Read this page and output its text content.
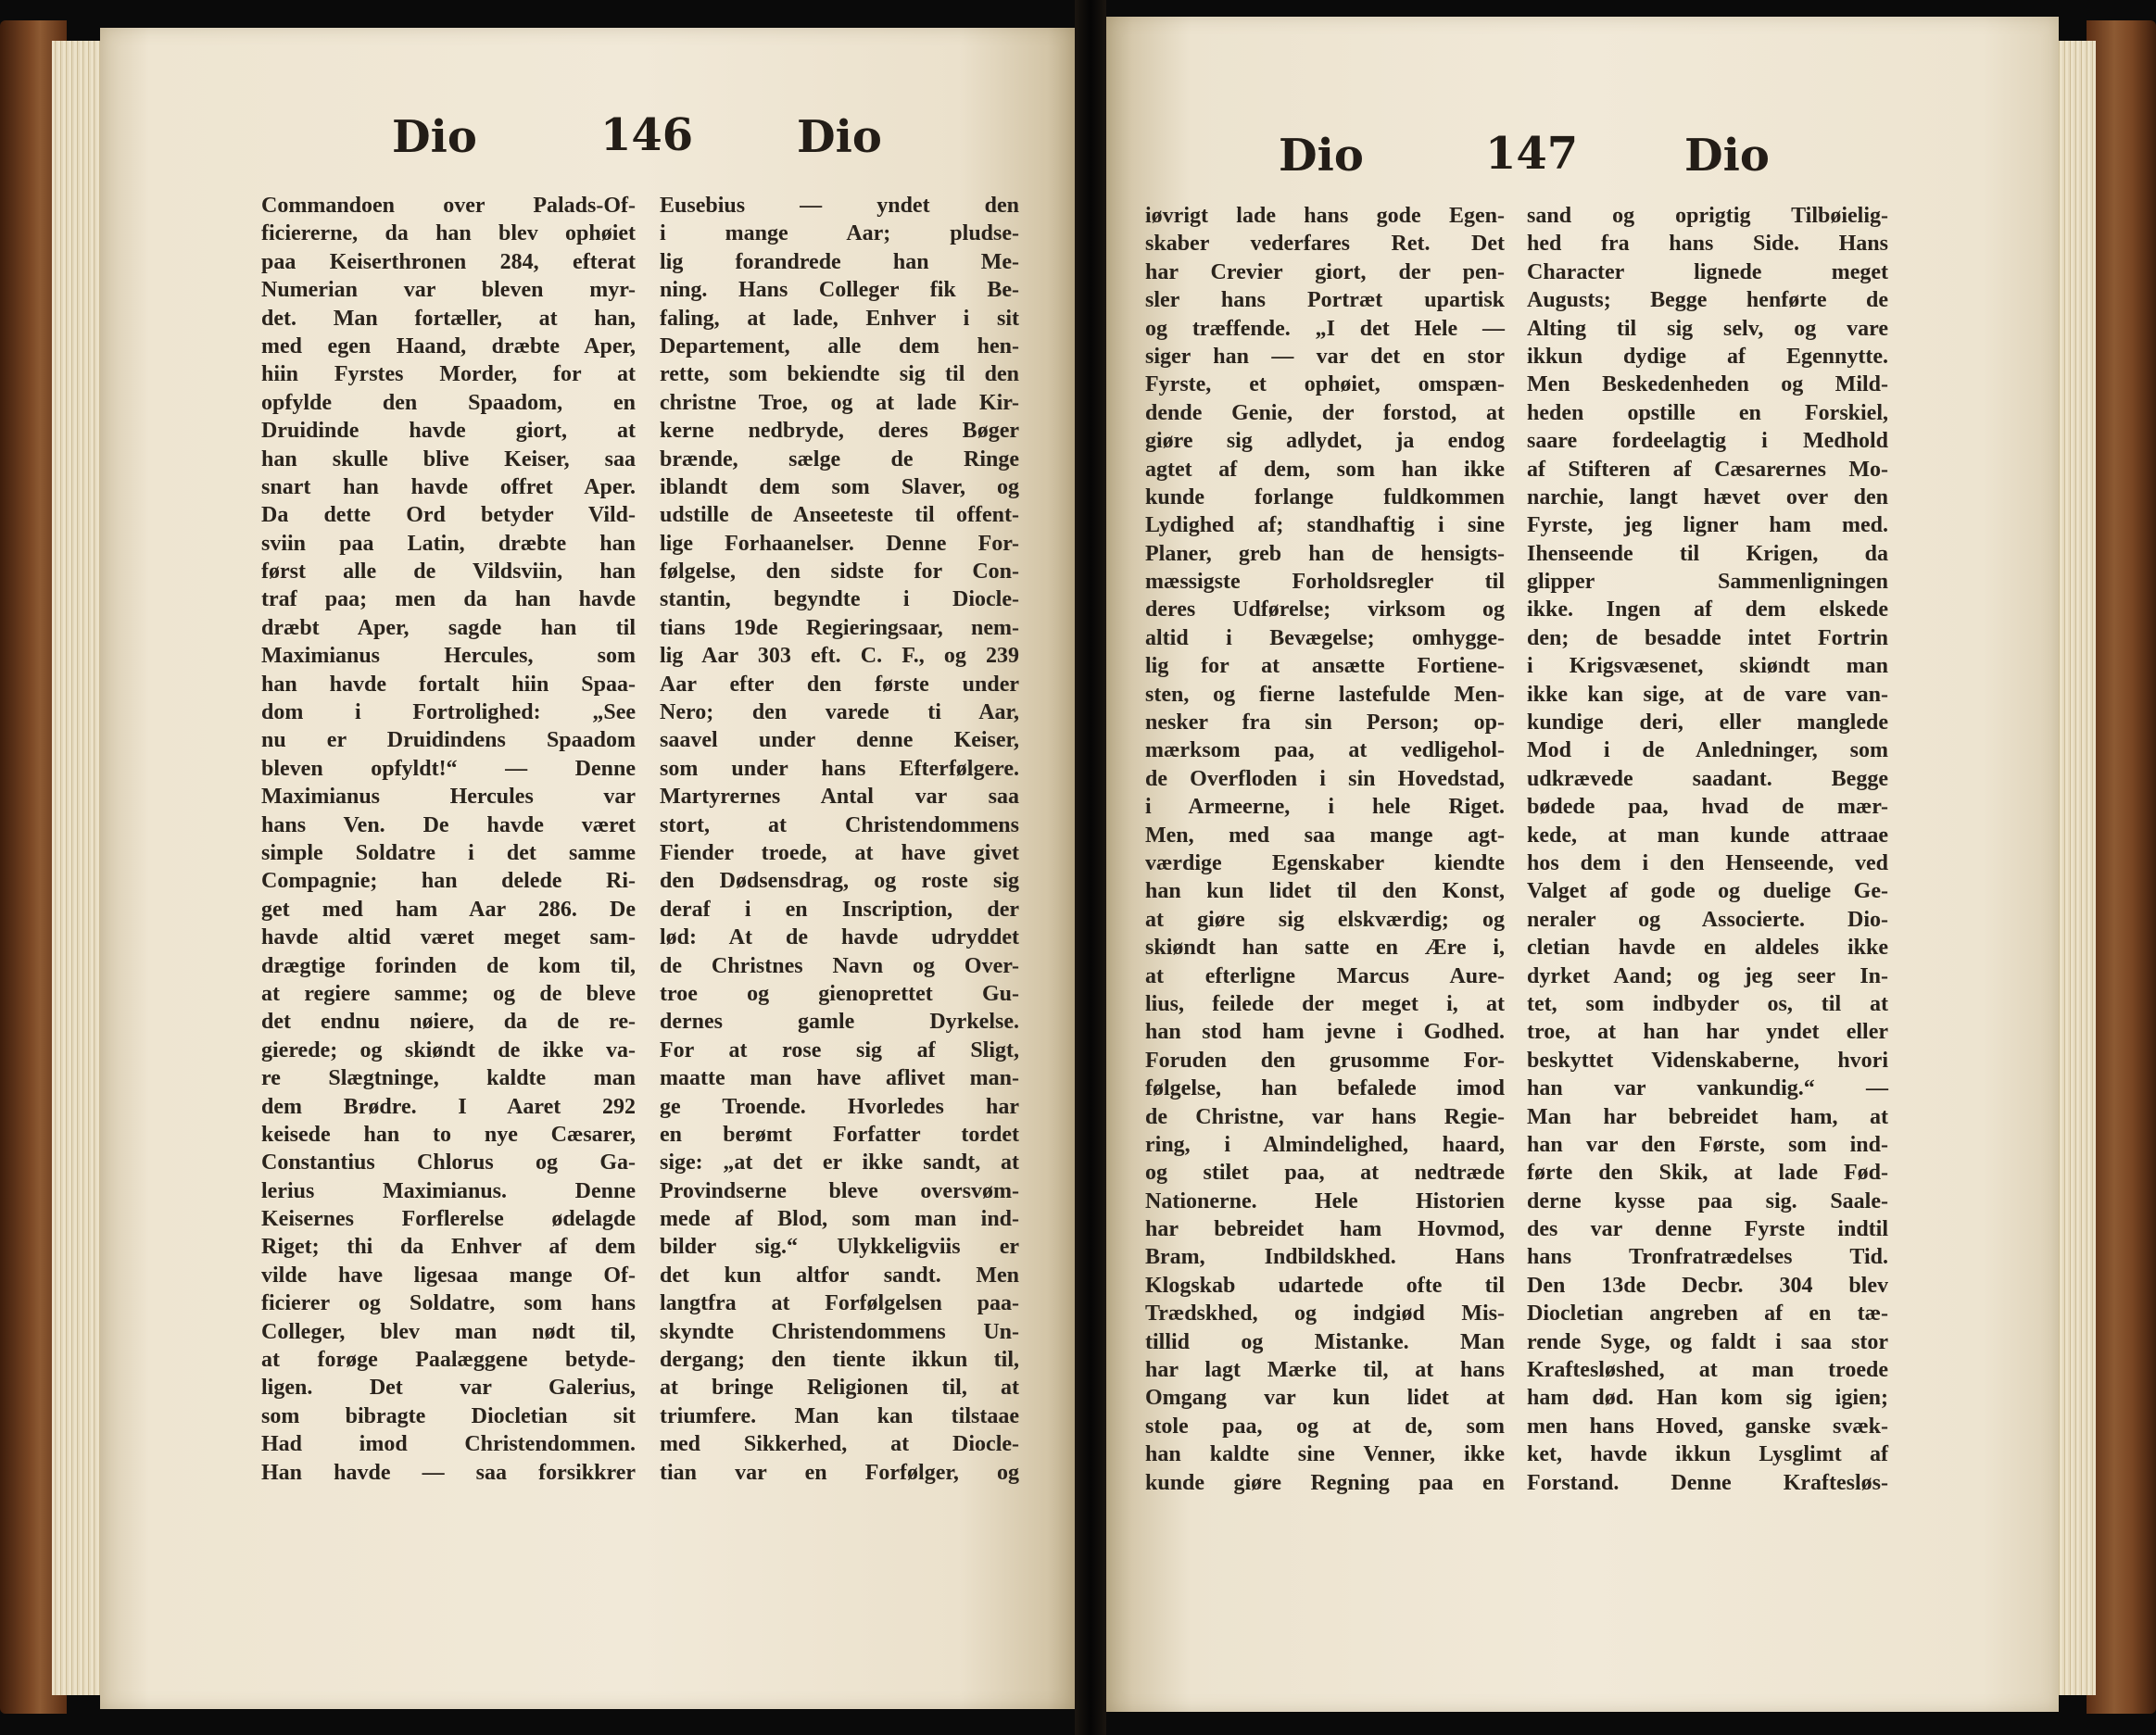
Dio	146 Dio	Dio	147 Dio
Commandoen over Palads-Of-
ficiererne, da han blev ophøiet
paa Keiserthronen 284, efterat
Numerian var bleven myr-
det. Man fortæller, at han,
med egen Haand, dræbte Aper,
hiin Fyrstes Morder, for at
opfylde den Spaadom, en
Druidinde havde giort, at
han skulle blive Keiser, saa
snart han havde offret Aper.
Da dette Ord betyder Vild-
sviin paa Latin, dræbte han
først alle de Vildsviin, han
traf paa; men da han havde
dræbt Aper, sagde han til
Maximianus Hercules, som
han havde fortalt hiin Spaa-
dom i Fortrolighed: „See
nu er Druidindens Spaadom
bleven opfyldt!“ — Denne
Maximianus Hercules var
hans Ven. De havde været
simple Soldatre i det samme
Compagnie; han delede Ri-
get med ham Aar 286. De
havde altid været meget sam-
drægtige forinden de kom til,
at regiere samme; og de bleve
det endnu nøiere, da de re-
gierede; og skiøndt de ikke va-
re Slægtninge, kaldte man
dem Brødre. I Aaret 292
keisede han to nye Cæsarer,
Constantius Chlorus og Ga-
lerius Maximianus. Denne
Keisernes Forflerelse ødelagde
Riget; thi da Enhver af dem
vilde have ligesaa mange Of-
ficierer og Soldatre, som hans
Colleger, blev man nødt til,
at forøge Paalæggene betyde-
ligen. Det var Galerius,
som bibragte Diocletian sit
Had imod Christendommen.
Han havde — saa forsikkrer
Eusebius — yndet den
i mange Aar; pludse-
lig forandrede han Me-
ning. Hans Colleger fik Be-
faling, at lade, Enhver i sit
Departement, alle dem hen-
rette, som bekiendte sig til den
christne Troe, og at lade Kir-
kerne nedbryde, deres Bøger
brænde, sælge de Ringe
iblandt dem som Slaver, og
udstille de Anseeteste til offent-
lige Forhaanelser. Denne For-
følgelse, den sidste for Con-
stantin, begyndte i Diocle-
tians 19de Regieringsaar, nem-
lig Aar 303 eft. C. F., og 239
Aar efter den første under
Nero; den varede ti Aar,
saavel under denne Keiser,
som under hans Efterfølgere.
Martyrernes Antal var saa
stort, at Christendommens
Fiender troede, at have givet
den Dødsensdrag, og roste sig
deraf i en Inscription, der
lød: At de havde udryddet
de Christnes Navn og Over-
troe og gienoprettet Gu-
dernes gamle Dyrkelse.
For at rose sig af Sligt,
maatte man have aflivet man-
ge Troende. Hvorledes har
en berømt Forfatter tordet
sige: „at det er ikke sandt, at
Provindserne bleve oversvøm-
mede af Blod, som man ind-
bilder sig.“ Ulykkeligviis er
det kun altfor sandt. Men
langtfra at Forfølgelsen paa-
skyndte Christendommens Un-
dergang; den tiente ikkun til,
at bringe Religionen til, at
triumfere. Man kan tilstaae
med Sikkerhed, at Diocle-
tian var en Forfølger, og
iøvrigt lade hans gode Egen-
skaber vederfares Ret. Det
har Crevier giort, der pen-
sler hans Portræt upartisk
og træffende. „I det Hele —
siger han — var det en stor
Fyrste, et ophøiet, omspæn-
dende Genie, der forstod, at
giøre sig adlydet, ja endog
agtet af dem, som han ikke
kunde forlange fuldkommen
Lydighed af; standhaftig i sine
Planer, greb han de hensigts-
mæssigste Forholdsregler til
deres Udførelse; virksom og
altid i Bevægelse; omhygge-
lig for at ansætte Fortiene-
sten, og fierne lastefulde Men-
nesker fra sin Person; op-
mærksom paa, at vedligehol-
de Overfloden i sin Hovedstad,
i Armeerne, i hele Riget.
Men, med saa mange agt-
værdige Egenskaber kiendte
han kun lidet til den Konst,
at giøre sig elskværdig; og
skiøndt han satte en Ære i,
at efterligne Marcus Aure-
lius, feilede der meget i, at
han stod ham jevne i Godhed.
Foruden den grusomme For-
følgelse, han befalede imod
de Christne, var hans Regie-
ring, i Almindelighed, haard,
og stilet paa, at nedtræde
Nationerne. Hele Historien
har bebreidet ham Hovmod,
Bram, Indbildskhed. Hans
Klogskab udartede ofte til
Trædskhed, og indgiød Mis-
tillid og Mistanke. Man
har lagt Mærke til, at hans
Omgang var kun lidet at
stole paa, og at de, som
han kaldte sine Venner, ikke
kunde giøre Regning paa en
sand og oprigtig Tilbøielig-
hed fra hans Side. Hans
Character lignede meget
Augusts; Begge henførte de
Alting til sig selv, og vare
ikkun dydige af Egennytte.
Men Beskedenheden og Mild-
heden opstille en Forskiel,
saare fordeelagtig i Medhold
af Stifteren af Cæsarernes Mo-
narchie, langt hævet over den
Fyrste, jeg ligner ham med.
Ihenseende til Krigen, da
glipper Sammenligningen
ikke. Ingen af dem elskede
den; de besadde intet Fortrin
i Krigsvæsenet, skiøndt man
ikke kan sige, at de vare van-
kundige deri, eller manglede
Mod i de Anledninger, som
udkrævede saadant. Begge
bødede paa, hvad de mær-
kede, at man kunde attraae
hos dem i den Henseende, ved
Valget af gode og duelige Ge-
neraler og Associerte. Dio-
cletian havde en aldeles ikke
dyrket Aand; og jeg seer In-
tet, som indbyder os, til at
troe, at han har yndet eller
beskyttet Videnskaberne, hvori
han var vankundig.“ —
Man har bebreidet ham, at
han var den Første, som ind-
førte den Skik, at lade Fød-
derne kysse paa sig. Saale-
des var denne Fyrste indtil
hans Tronfratrædelses Tid.
Den 13de Decbr. 304 blev
Diocletian angreben af en tæ-
rende Syge, og faldt i saa stor
Kraftesløshed, at man troede
ham død. Han kom sig igien;
men hans Hoved, ganske svæk-
ket, havde ikkun Lysglimt af
Forstand. Denne Kraftesløs-
